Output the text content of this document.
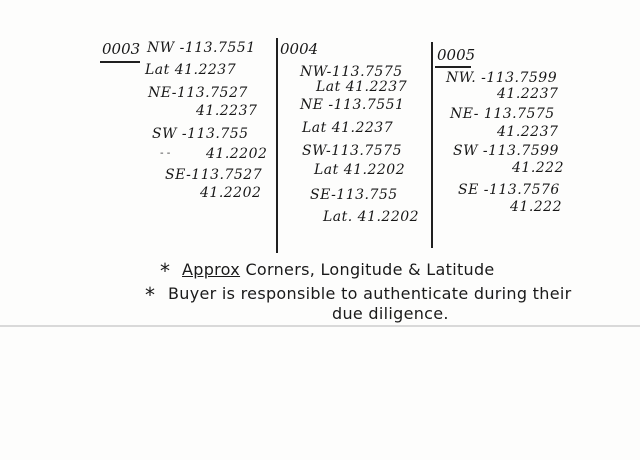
0003 NW -113.7551
Lat 41.2237
NE-113.7527
41.2237
SW -113.755
- -	41.2202
SE-113.7527
41.2202
0004
NW-113.7575
Lat 41.2237
NE -113.7551
Lat 41.2237
SW-113.7575
Lat 41.2202
SE-113.755
Lat. 41.2202
0005
NW. -113.7599
41.2237
NE- 113.7575
41.2237
SW -113.7599
41.222
SE -113.7576
41.222
* Approx Corners, Longitude & Latitude
* Buyer is responsible to authenticate during their
due diligence.
